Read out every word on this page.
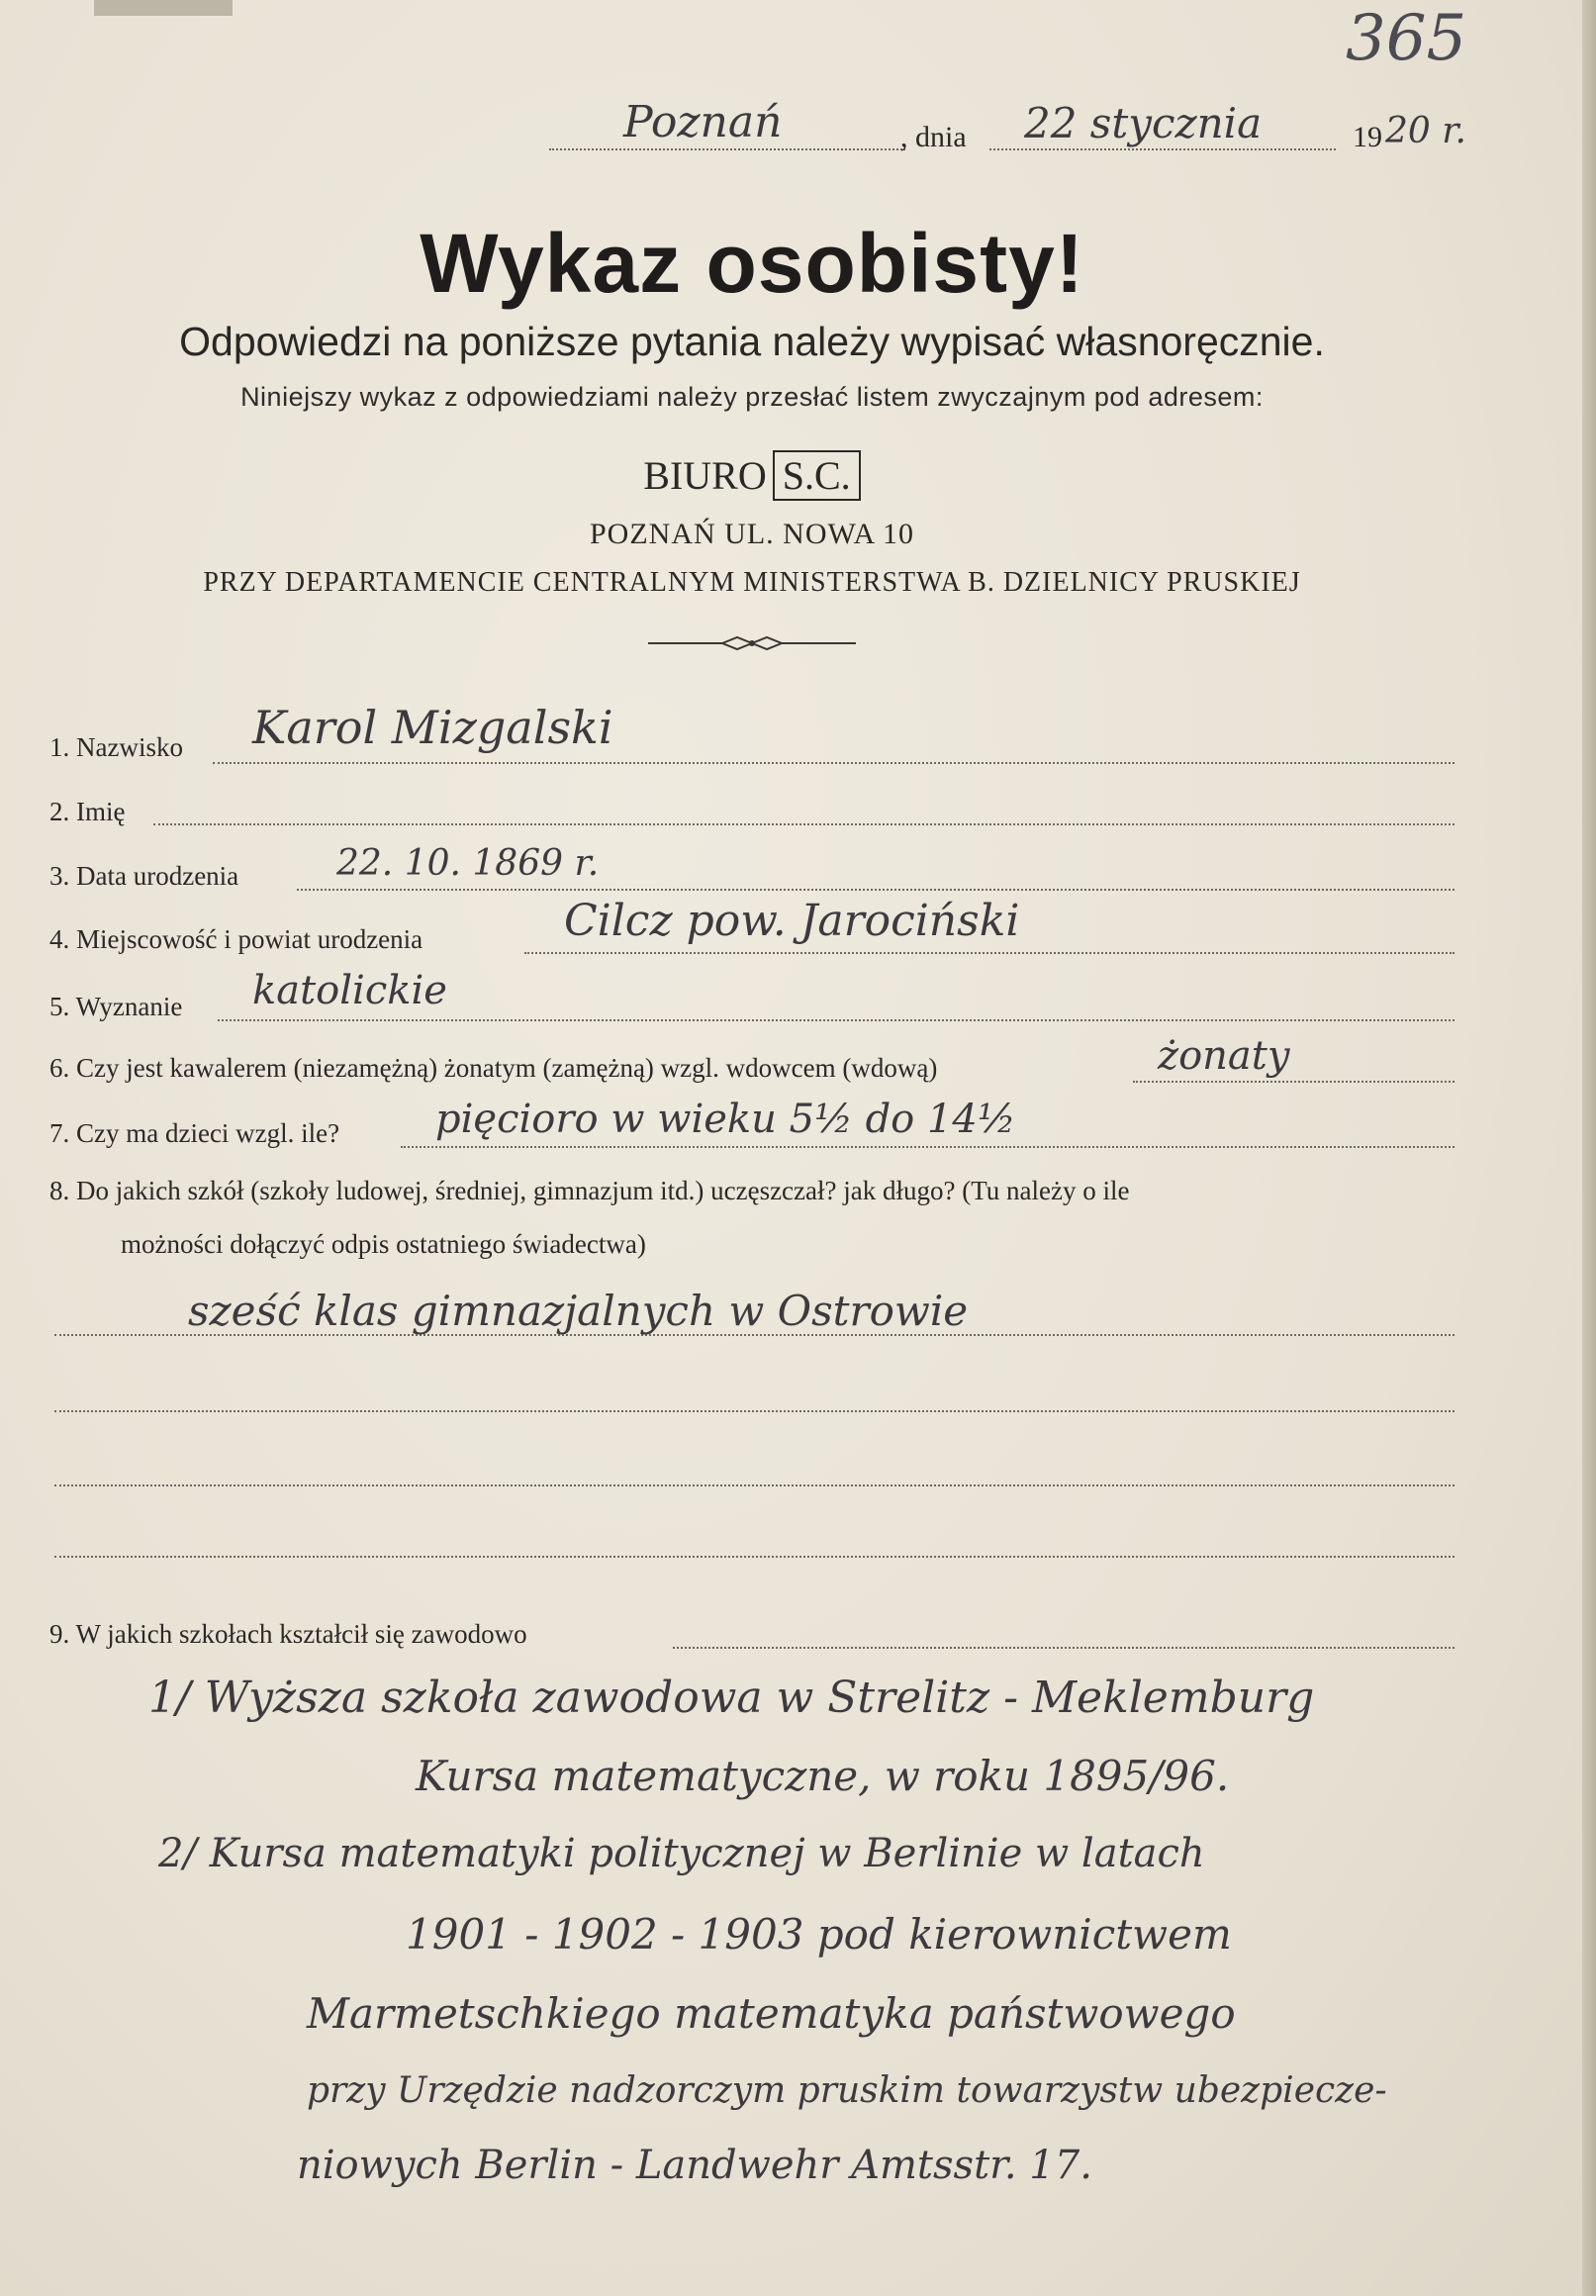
365
Poznań	, dnia 22 stycznia	19 20 r.
Wykaz osobisty!
Odpowiedzi na poniższe pytania należy wypisać własnoręcznie.
Niniejszy wykaz z odpowiedziami należy przesłać listem zwyczajnym pod adresem:
BIURO S.C.
POZNAŃ UL. NOWA 10
PRZY DEPARTAMENCIE CENTRALNYM MINISTERSTWA B. DZIELNICY PRUSKIEJ
1. Nazwisko Karol Mizgalski
2. Imię
3. Data urodzenia	22. 10. 1869 r.
4. Miejscowość i powiat urodzenia	Cilcz pow. Jarociński
5. Wyznanie katolickie
6. Czy jest kawalerem (niezamężną) żonatym (zamężną) wzgl. wdowcem (wdową)	żonaty
7. Czy ma dzieci wzgl. ile? pięcioro w wieku 5½ do 14½
8. Do jakich szkół (szkoły ludowej, średniej, gimnazjum itd.) uczęszczał? jak długo? (Tu należy o ile
możności dołączyć odpis ostatniego świadectwa)
sześć klas gimnazjalnych w Ostrowie
9. W jakich szkołach kształcił się zawodowo
1/ Wyższa szkoła zawodowa w Strelitz - Meklemburg
Kursa matematyczne, w roku 1895/96.
2/ Kursa matematyki politycznej w Berlinie w latach
1901 - 1902 - 1903 pod kierownictwem
Marmetschkiego matematyka państwowego
przy Urzędzie nadzorczym pruskim towarzystw ubezpiecze-
niowych Berlin - Landwehr Amtsstr. 17.
